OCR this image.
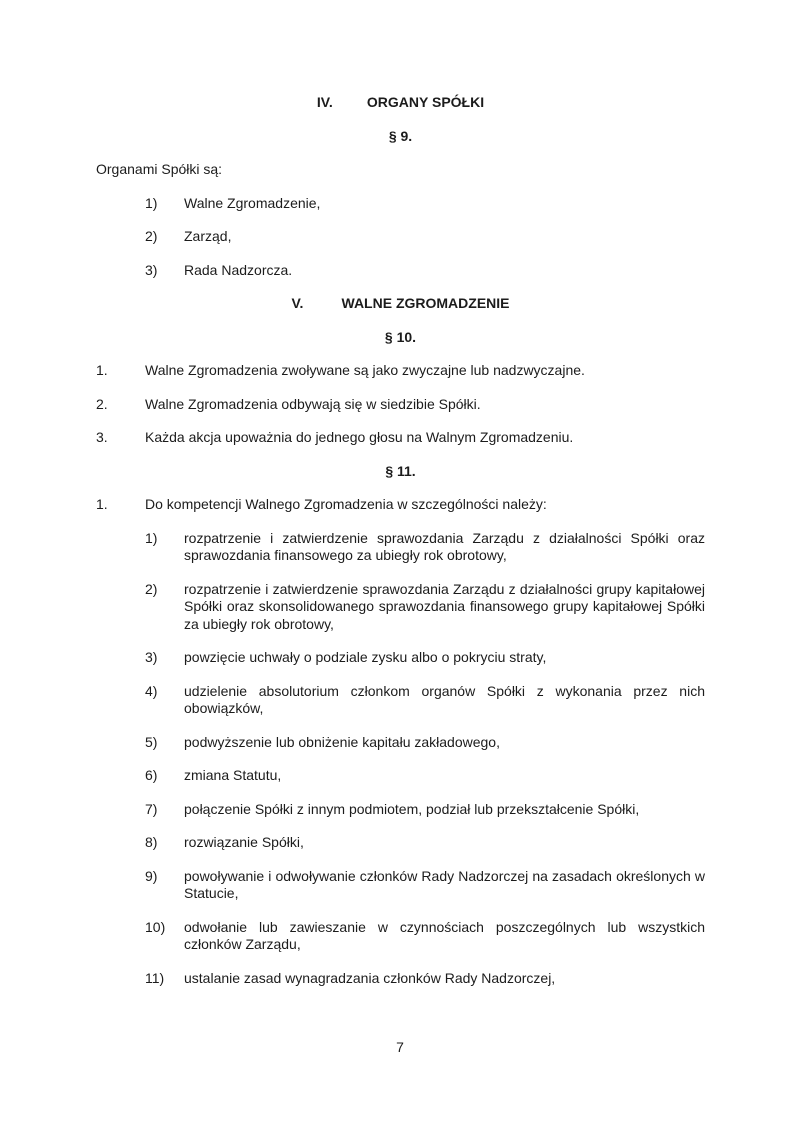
IV. ORGANY SPÓŁKI
§ 9.

Organami Spółki są:

1)	Walne Zgromadzenie,
2)	Zarząd,
3)	Rada Nadzorcza.
V.	WALNE ZGROMADZENIE
§ 10.
1.	Walne Zgromadzenia zwoływane są jako zwyczajne lub nadzwyczajne.
2.	Walne Zgromadzenia odbywają się w siedzibie Spółki.
3.	Każda akcja upoważnia do jednego głosu na Walnym Zgromadzeniu.
§ 11.
1.	Do kompetencji Walnego Zgromadzenia w szczególności należy:
1)	rozpatrzenie i zatwierdzenie sprawozdania Zarządu z działalności Spółki oraz sprawozdania finansowego za ubiegły rok obrotowy,
2)	rozpatrzenie i zatwierdzenie sprawozdania Zarządu z działalności grupy kapitałowej Spółki oraz skonsolidowanego sprawozdania finansowego grupy kapitałowej Spółki za ubiegły rok obrotowy,
3)	powzięcie uchwały o podziale zysku albo o pokryciu straty,
4)	udzielenie absolutorium członkom organów Spółki z wykonania przez nich obowiązków,
5)	podwyższenie lub obniżenie kapitału zakładowego,
6)	zmiana Statutu,
7)	połączenie Spółki z innym podmiotem, podział lub przekształcenie Spółki,
8)	rozwiązanie Spółki,
9)	powoływanie i odwoływanie członków Rady Nadzorczej na zasadach określonych w Statucie,
10)	odwołanie lub zawieszanie w czynnościach poszczególnych lub wszystkich członków Zarządu,
11)	ustalanie zasad wynagradzania członków Rady Nadzorczej,
7
